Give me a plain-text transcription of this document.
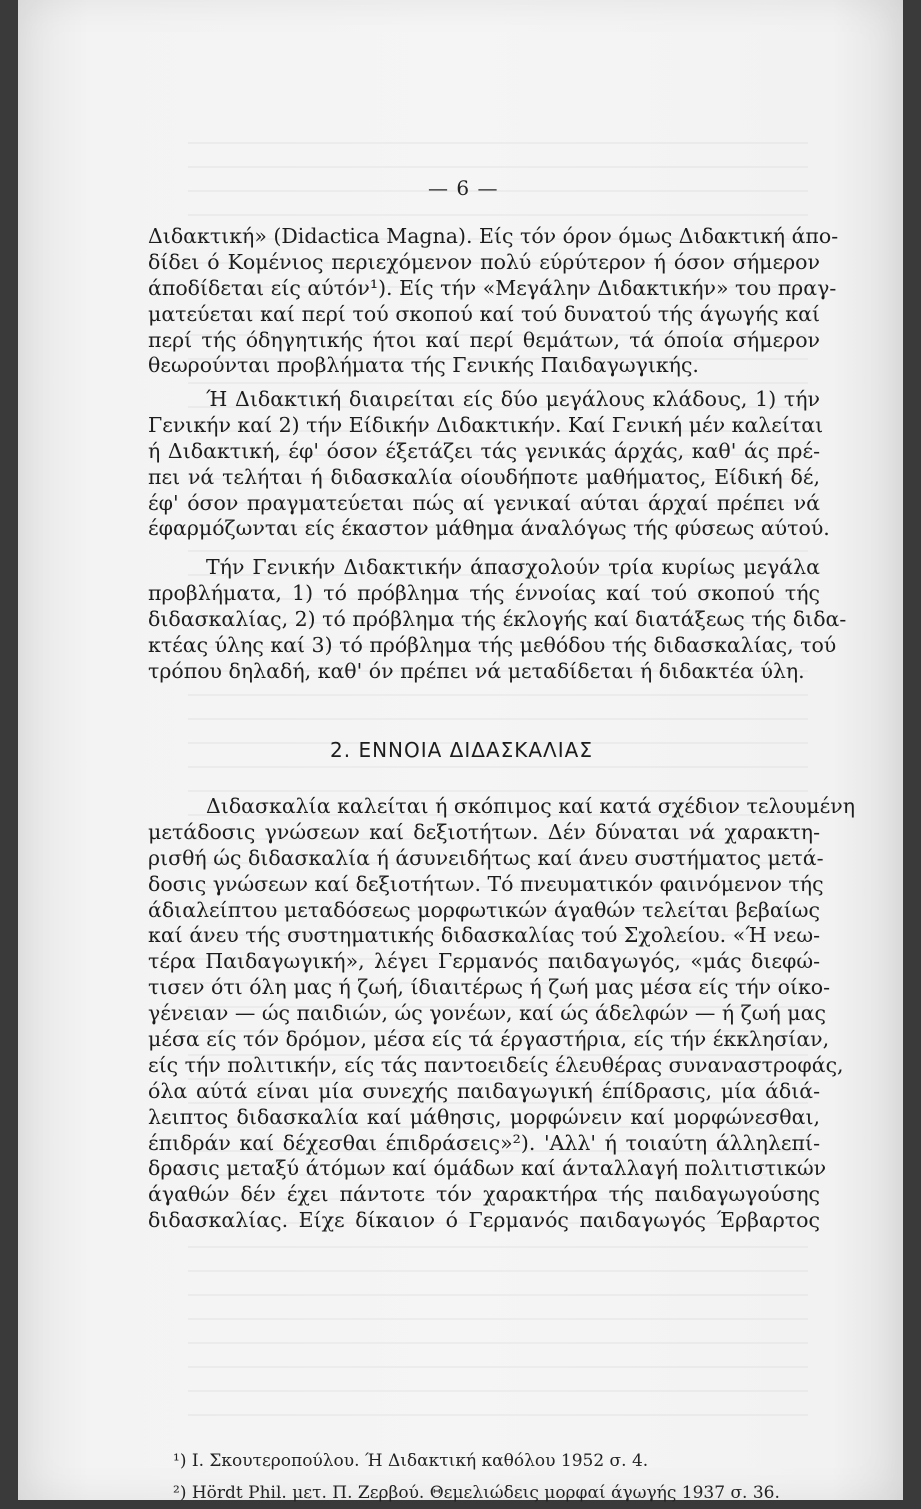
— 6 —
Διδακτική» (Didactica Magna). Είς τόν όρον όμως Διδακτική άπο-
δίδει ό Κομένιος περιεχόμενον πολύ εύρύτερον ή όσον σήμερον
άποδίδεται είς αύτόν¹). Είς τήν «Μεγάλην Διδακτικήν» του πραγ-
ματεύεται καί περί τού σκοπού καί τού δυνατού τής άγωγής καί
περί τής όδηγητικής ήτοι καί περί θεμάτων, τά όποία σήμερον
θεωρούνται προβλήματα τής Γενικής Παιδαγωγικής.
Ή Διδακτική διαιρείται είς δύο μεγάλους κλάδους, 1) τήν
Γενικήν καί 2) τήν Είδικήν Διδακτικήν. Καί Γενική μέν καλείται
ή Διδακτική, έφ' όσον έξετάζει τάς γενικάς άρχάς, καθ' άς πρέ-
πει νά τελήται ή διδασκαλία οίουδήποτε μαθήματος, Είδική δέ,
έφ' όσον πραγματεύεται πώς αί γενικαί αύται άρχαί πρέπει νά
έφαρμόζωνται είς έκαστον μάθημα άναλόγως τής φύσεως αύτού.
Τήν Γενικήν Διδακτικήν άπασχολούν τρία κυρίως μεγάλα
προβλήματα, 1) τό πρόβλημα τής έννοίας καί τού σκοπού τής
διδασκαλίας, 2) τό πρόβλημα τής έκλογής καί διατάξεως τής διδα-
κτέας ύλης καί 3) τό πρόβλημα τής μεθόδου τής διδασκαλίας, τού
τρόπου δηλαδή, καθ' όν πρέπει νά μεταδίδεται ή διδακτέα ύλη.
2. ΕΝΝΟΙΑ ΔΙΔΑΣΚΑΛΙΑΣ
Διδασκαλία καλείται ή σκόπιμος καί κατά σχέδιον τελουμένη
μετάδοσις γνώσεων καί δεξιοτήτων. Δέν δύναται νά χαρακτη-
ρισθή ώς διδασκαλία ή άσυνειδήτως καί άνευ συστήματος μετά-
δοσις γνώσεων καί δεξιοτήτων. Τό πνευματικόν φαινόμενον τής
άδιαλείπτου μεταδόσεως μορφωτικών άγαθών τελείται βεβαίως
καί άνευ τής συστηματικής διδασκαλίας τού Σχολείου. «Ή νεω-
τέρα Παιδαγωγική», λέγει Γερμανός παιδαγωγός, «μάς διεφώ-
τισεν ότι όλη μας ή ζωή, ίδιαιτέρως ή ζωή μας μέσα είς τήν οίκο-
γένειαν — ώς παιδιών, ώς γονέων, καί ώς άδελφών — ή ζωή μας
μέσα είς τόν δρόμον, μέσα είς τά έργαστήρια, είς τήν έκκλησίαν,
είς τήν πολιτικήν, είς τάς παντοειδείς έλευθέρας συναναστροφάς,
όλα αύτά είναι μία συνεχής παιδαγωγική έπίδρασις, μία άδιά-
λειπτος διδασκαλία καί μάθησις, μορφώνειν καί μορφώνεσθαι,
έπιδράν καί δέχεσθαι έπιδράσεις»²). 'Αλλ' ή τοιαύτη άλληλεπί-
δρασις μεταξύ άτόμων καί όμάδων καί άνταλλαγή πολιτιστικών
άγαθών δέν έχει πάντοτε τόν χαρακτήρα τής παιδαγωγούσης
διδασκαλίας. Είχε δίκαιον ό Γερμανός παιδαγωγός Έρβαρτος
¹) Ι. Σκουτεροπούλου. Ή Διδακτική καθόλου 1952 σ. 4.
²) Hördt Phil. μετ. Π. Ζερβού. Θεμελιώδεις μορφαί άγωγής 1937 σ. 36.
